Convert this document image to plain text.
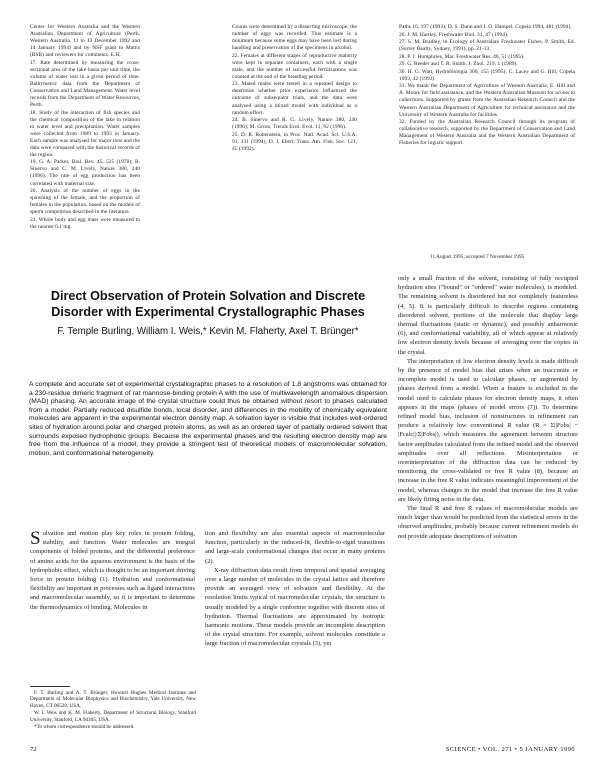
Center for Western Australia and the Western Australian Department of Agriculture (Perth, Western Australia, 11 to 13 December 1992 and 14 January 1994) and by NSF grant to Mattis (BSR) and reviewers for comments. E.H.

17. Rate determined by measuring the cross-sectional area of the lake basin per unit time, the volume of water lost in a given period of time. Bathymetric data from the Department of Conservation and Land Management. Water level records from the Department of Water Resources, Perth.

18. Study of the interaction of fish species and the chemical composition of the lake in relation to water level and precipitation. Water samples were collected from 1989 to 1993 in January. Each sample was analysed for major ions and the data were compared with the historical records of the region.

19. G. A. Parker, Biol. Rev. 45, 525 (1970); B. Sinervo and C. M. Lively, Nature 380, 240 (1996). The rate of egg production has been correlated with maternal size.

20. Analysis of the number of eggs in the spawning of the female, and the proportion of females in the population, based on the models of sperm competition described in the literature.

21. Whole body and egg mass were measured to the nearest 0.1 mg.

Counts were determined by a dissecting microscope; the number of eggs was recorded. This estimate is a minimum because some eggs may have been lost during handling and preservation of the specimens in alcohol.

22. Females at different stages of reproductive maturity were kept in separate containers, each with a single male, and the number of successful fertilizations was counted at the end of the breeding period.

23. Mated males were tested in a repeated design to determine whether prior experience influenced the outcome of subsequent trials, and the data were analysed using a mixed model with individual as a random effect.

24. B. Sinervo and R. G. Lively, Nature 380, 240 (1996); M. Gross, Trends Ecol. Evol. 11, 92 (1996).

25. D. R. Rubenstein, in Proc. Natl. Acad. Sci. U.S.A. 91, 131 (1994); D. J. Ebert, Trans. Am. Fish. Soc. 121, 45 (1992).

Paths 16, 197 (1993); D. S. Dunn and J. O. Hampel, Copeia 1994, 481 (1994).

26. J. M. Hartley, Freshwater Biol. 31, 47 (1994).

27. S. M. Bradley, in Ecology of Australian Freshwater Fishes, P. Smith, Ed. (Surrey Beatty, Sydney, 1991), pp. 21-33.

28. P. J. Humphries, Mar. Freshwater Res. 46, 51 (1995).

29. G. Reeder and T. R. Smith, J. Zool. 219, 1 (1989).

30. H. G. Watt, Hydrobiologia 300, 155 (1995); C. Lacey and G. Hill, Copeia 1993, 42 (1993).

31. We thank the Department of Agriculture of Western Australia, E. Hill and A. Moore for field assistance, and the Western Australian Museum for access to collections. Supported by grants from the Australian Research Council and the Western Australian Department of Agriculture for technical assistance and the University of Western Australia for facilities.

32. Funded by the Australian Research Council through its program of collaborative research, supported by the Department of Conservation and Land Management of Western Australia and the Western Australian Department of Fisheries for logistic support.

11 August 1995; accepted 7 November 1995
Direct Observation of Protein Solvation and Discrete Disorder with Experimental Crystallographic Phases

F. Temple Burling, William I. Weis,* Kevin M. Flaherty, Axel T. Brünger*

A complete and accurate set of experimental crystallographic phases to a resolution of 1.8 angstroms was obtained for a 230-residue dimeric fragment of rat mannose-binding protein A with the use of multiwavelength anomalous dispersion (MAD) phasing. An accurate image of the crystal structure could thus be obtained without resort to phases calculated from a model. Partially reduced disulfide bonds, local disorder, and differences in the mobility of chemically equivalent molecules are apparent in the experimental electron density map. A solvation layer is visible that includes well-ordered sites of hydration around polar and charged protein atoms, as well as an ordered layer of partially ordered solvent that surrounds exposed hydrophobic groups. Because the experimental phases and the resulting electron density map are free from the influence of a model, they provide a stringent test of theoretical models of macromolecular solvation, motion, and conformational heterogeneity.

Solvation and motion play key roles in protein folding, stability, and function. Water molecules are integral components of folded proteins, and the differential preference of amino acids for the aqueous environment is the basis of the hydrophobic effect, which is thought to be an important driving force in protein folding (1). Hydration and conformational flexibility are important in processes such as ligand interactions and macromolecular assembly, so it is important to determine the thermodynamics of binding. Molecules in

F. T. Burling and A. T. Brünger, Howard Hughes Medical Institute and Department of Molecular Biophysics and Biochemistry, Yale University, New Haven, CT 06520, USA.

W. I. Weis and K. M. Flaherty, Department of Structural Biology, Stanford University, Stanford, CA 94305, USA.

*To whom correspondence should be addressed.

tion and flexibility are also essential aspects of macromolecular function, particularly in the induced-fit, flexible-to-rigid transitions and large-scale conformational changes that occur in many proteins (2).

X-ray diffraction data result from temporal and spatial averaging over a large number of molecules in the crystal lattice and therefore provide an averaged view of solvation and flexibility. At the resolution limits typical of macromolecular crystals, the structure is usually modeled by a single conformer together with discrete sites of hydration. Thermal fluctuations are approximated by isotropic harmonic motions. These models provide an incomplete description of the crystal structure. For example, solvent molecules constitute a large fraction of macromolecular crystals (3), yet

only a small fraction of the solvent, consisting of fully occupied hydration sites ("bound" or "ordered" water molecules), is modeled. The remaining solvent is disordered but not completely featureless (4, 5). It is particularly difficult to describe regions containing disordered solvent, portions of the molecule that display large thermal fluctuations (static or dynamic), and possibly anharmonic (6), and conformational variability, all of which appear at relatively low electron density levels because of averaging over the copies in the crystal.

The interpretation of low electron density levels is made difficult by the presence of model bias that arises when an inaccurate or incomplete model is used to calculate phases, or augmented by phases derived from a model. When a feature is excluded in the model used to calculate phases for electron density maps, it often appears in the maps (phases of model errors (7)). To determine refined model bias, inclusion of nonstructures in refinement can produce a relatively low conventional R value (R = Σ||Fobs| − |Fcalc||/Σ|Fobs|), which measures the agreement between structure factor amplitudes calculated from the refined model and the observed amplitudes over all reflections. Misinterpretation or overinterpretation of the diffraction data can be reduced by monitoring the cross-validated or free R value (8), because an increase in the free R value indicates meaningful improvement of the model, whereas changes in the model that increase the free R value are likely fitting noise in the data.

The final R and free R values of macromolecular models are much larger than would be predicted from the statistical errors in the observed amplitudes, probably because current refinement models do not provide adequate descriptions of solvation

72	SCIENCE • VOL. 271 • 5 JANUARY 1996
